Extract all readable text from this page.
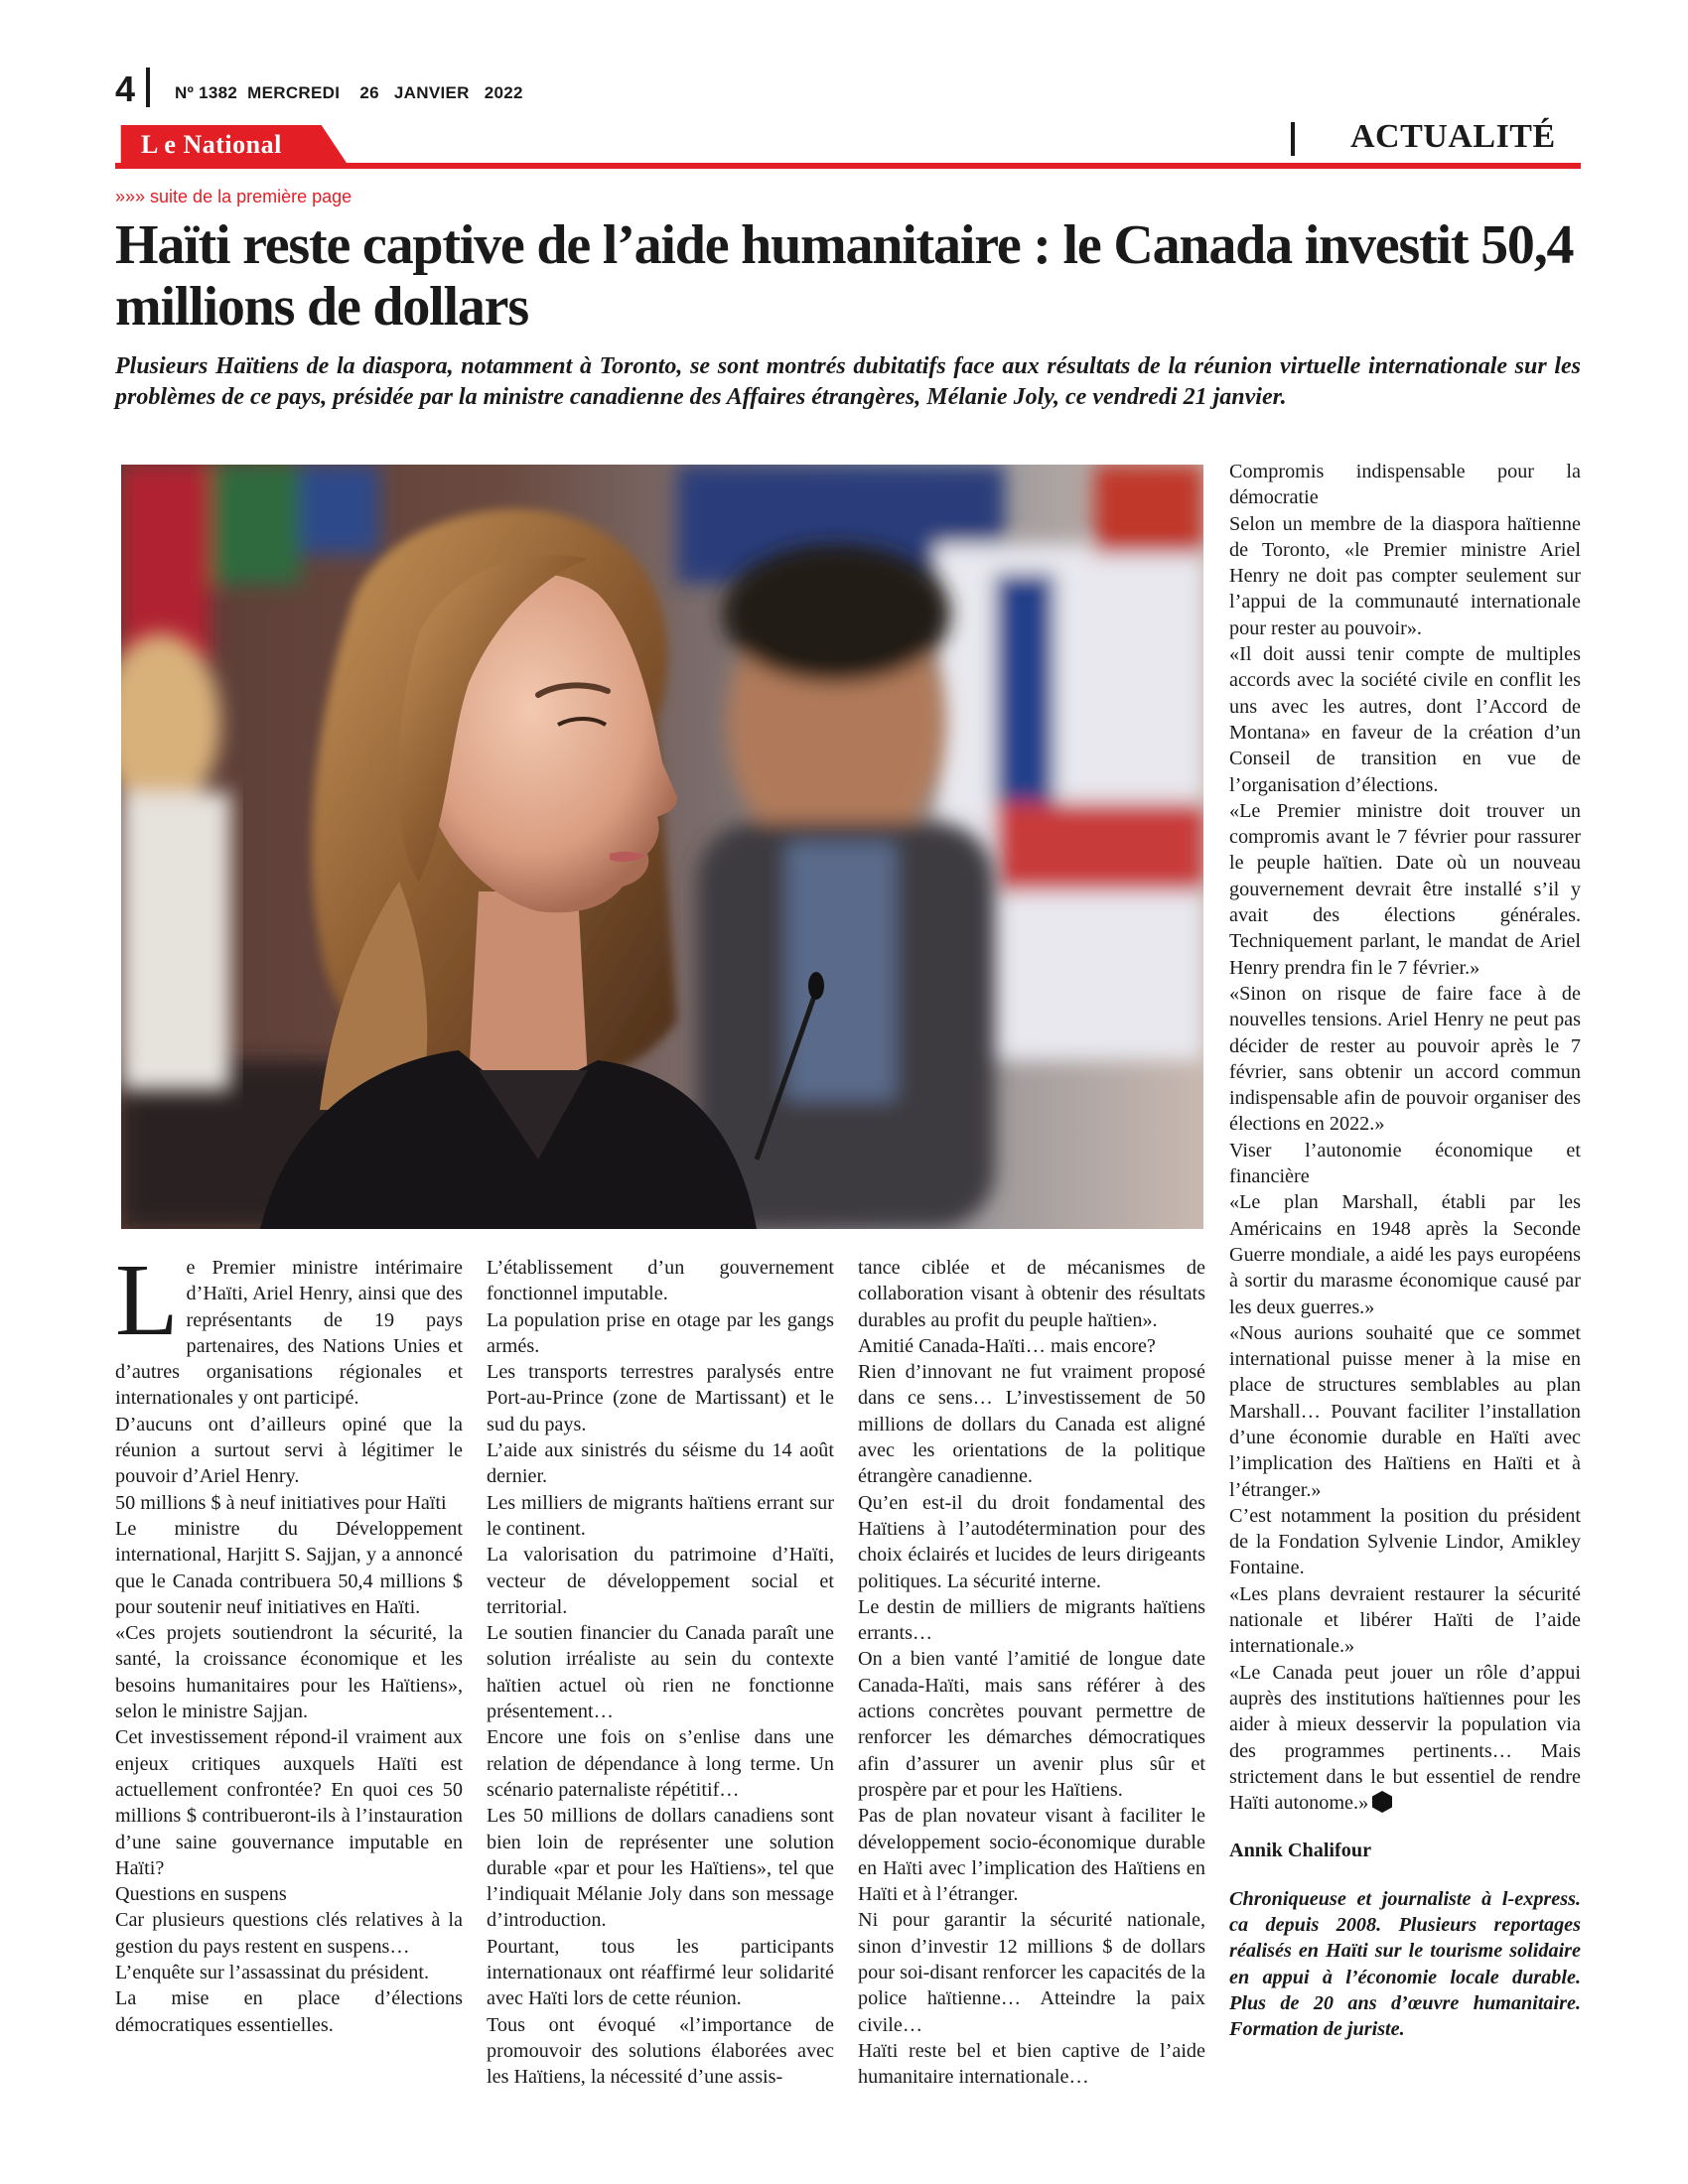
4 Nº 1382  MERCREDI    26   JANVIER   2022
L e National	ACTUALITÉ
»»» suite de la première page
Haïti reste captive de l’aide humanitaire : le Canada investit 50,4 millions de dollars

Plusieurs Haïtiens de la diaspora, notamment à Toronto, se sont montrés dubitatifs face aux résultats de la réunion virtuelle internationale sur les problèmes de ce pays, présidée par la ministre canadienne des Affaires étrangères, Mélanie Joly, ce vendredi 21 janvier.

L e Premier ministre intérimaire d’Haïti, Ariel Henry, ainsi que des représentants de 19 pays partenaires, des Nations Unies et d’autres organisations régionales et internationales y ont participé.

D’aucuns ont d’ailleurs opiné que la réunion a surtout servi à légitimer le pouvoir d’Ariel Henry.

50 millions $ à neuf initiatives pour Haïti

Le ministre du Développement international, Harjitt S. Sajjan, y a annoncé que le Canada contribuera 50,4 millions $ pour soutenir neuf initiatives en Haïti.

«Ces projets soutiendront la sécurité, la santé, la croissance économique et les besoins humanitaires pour les Haïtiens», selon le ministre Sajjan.

Cet investissement répond-il vraiment aux enjeux critiques auxquels Haïti est actuellement confrontée? En quoi ces 50 millions $ contribueront-ils à l’instauration d’une saine gouvernance imputable en Haïti?

Questions en suspens

Car plusieurs questions clés relatives à la gestion du pays restent en suspens…

L’enquête sur l’assassinat du président.

La mise en place d’élections démocratiques essentielles.

L’établissement d’un gouvernement fonctionnel imputable.

La population prise en otage par les gangs armés.

Les transports terrestres paralysés entre Port-au-Prince (zone de Martissant) et le sud du pays.

L’aide aux sinistrés du séisme du 14 août dernier.

Les milliers de migrants haïtiens errant sur le continent.

La valorisation du patrimoine d’Haïti, vecteur de développement social et territorial.

Le soutien financier du Canada paraît une solution irréaliste au sein du contexte haïtien actuel où rien ne fonctionne présentement…

Encore une fois on s’enlise dans une relation de dépendance à long terme. Un scénario paternaliste répétitif…

Les 50 millions de dollars canadiens sont bien loin de représenter une solution durable «par et pour les Haïtiens», tel que l’indiquait Mélanie Joly dans son message d’introduction.

Pourtant, tous les participants internationaux ont réaffirmé leur solidarité avec Haïti lors de cette réunion.

Tous ont évoqué «l’importance de promouvoir des solutions élaborées avec les Haïtiens, la nécessité d’une assis-

tance ciblée et de mécanismes de collaboration visant à obtenir des résultats durables au profit du peuple haïtien».

Amitié Canada-Haïti… mais encore?

Rien d’innovant ne fut vraiment proposé dans ce sens… L’investissement de 50 millions de dollars du Canada est aligné avec les orientations de la politique étrangère canadienne.

Qu’en est-il du droit fondamental des Haïtiens à l’autodétermination pour des choix éclairés et lucides de leurs dirigeants politiques. La sécurité interne.

Le destin de milliers de migrants haïtiens errants…

On a bien vanté l’amitié de longue date Canada-Haïti, mais sans référer à des actions concrètes pouvant permettre de renforcer les démarches démocratiques afin d’assurer un avenir plus sûr et prospère par et pour les Haïtiens.

Pas de plan novateur visant à faciliter le développement socio-économique durable en Haïti avec l’implication des Haïtiens en Haïti et à l’étranger.

Ni pour garantir la sécurité nationale, sinon d’investir 12 millions $ de dollars pour soi-disant renforcer les capacités de la police haïtienne… Atteindre la paix civile…

Haïti reste bel et bien captive de l’aide humanitaire internationale…

Compromis indispensable pour la démocratie

Selon un membre de la diaspora haïtienne de Toronto, «le Premier ministre Ariel Henry ne doit pas compter seulement sur l’appui de la communauté internationale pour rester au pouvoir».

«Il doit aussi tenir compte de multiples accords avec la société civile en conflit les uns avec les autres, dont l’Accord de Montana» en faveur de la création d’un Conseil de transition en vue de l’organisation d’élections.

«Le Premier ministre doit trouver un compromis avant le 7 février pour rassurer le peuple haïtien. Date où un nouveau gouvernement devrait être installé s’il y avait des élections générales. Techniquement parlant, le mandat de Ariel Henry prendra fin le 7 février.»

«Sinon on risque de faire face à de nouvelles tensions. Ariel Henry ne peut pas décider de rester au pouvoir après le 7 février, sans obtenir un accord commun indispensable afin de pouvoir organiser des élections en 2022.»

Viser l’autonomie économique et financière

«Le plan Marshall, établi par les Américains en 1948 après la Seconde Guerre mondiale, a aidé les pays européens à sortir du marasme économique causé par les deux guerres.»

«Nous aurions souhaité que ce sommet international puisse mener à la mise en place de structures semblables au plan Marshall… Pouvant faciliter l’installation d’une économie durable en Haïti avec l’implication des Haïtiens en Haïti et à l’étranger.»

C’est notamment la position du président de la Fondation Sylvenie Lindor, Amikley Fontaine.

«Les plans devraient restaurer la sécurité nationale et libérer Haïti de l’aide internationale.»

«Le Canada peut jouer un rôle d’appui auprès des institutions haïtiennes pour les aider à mieux desservir la population via des programmes pertinents… Mais strictement dans le but essentiel de rendre Haïti autonome.»

Annik Chalifour

Chroniqueuse et journaliste à l-express. ca depuis 2008. Plusieurs reportages réalisés en Haïti sur le tourisme solidaire en appui à l’économie locale durable. Plus de 20 ans d’œuvre humanitaire. Formation de juriste.
